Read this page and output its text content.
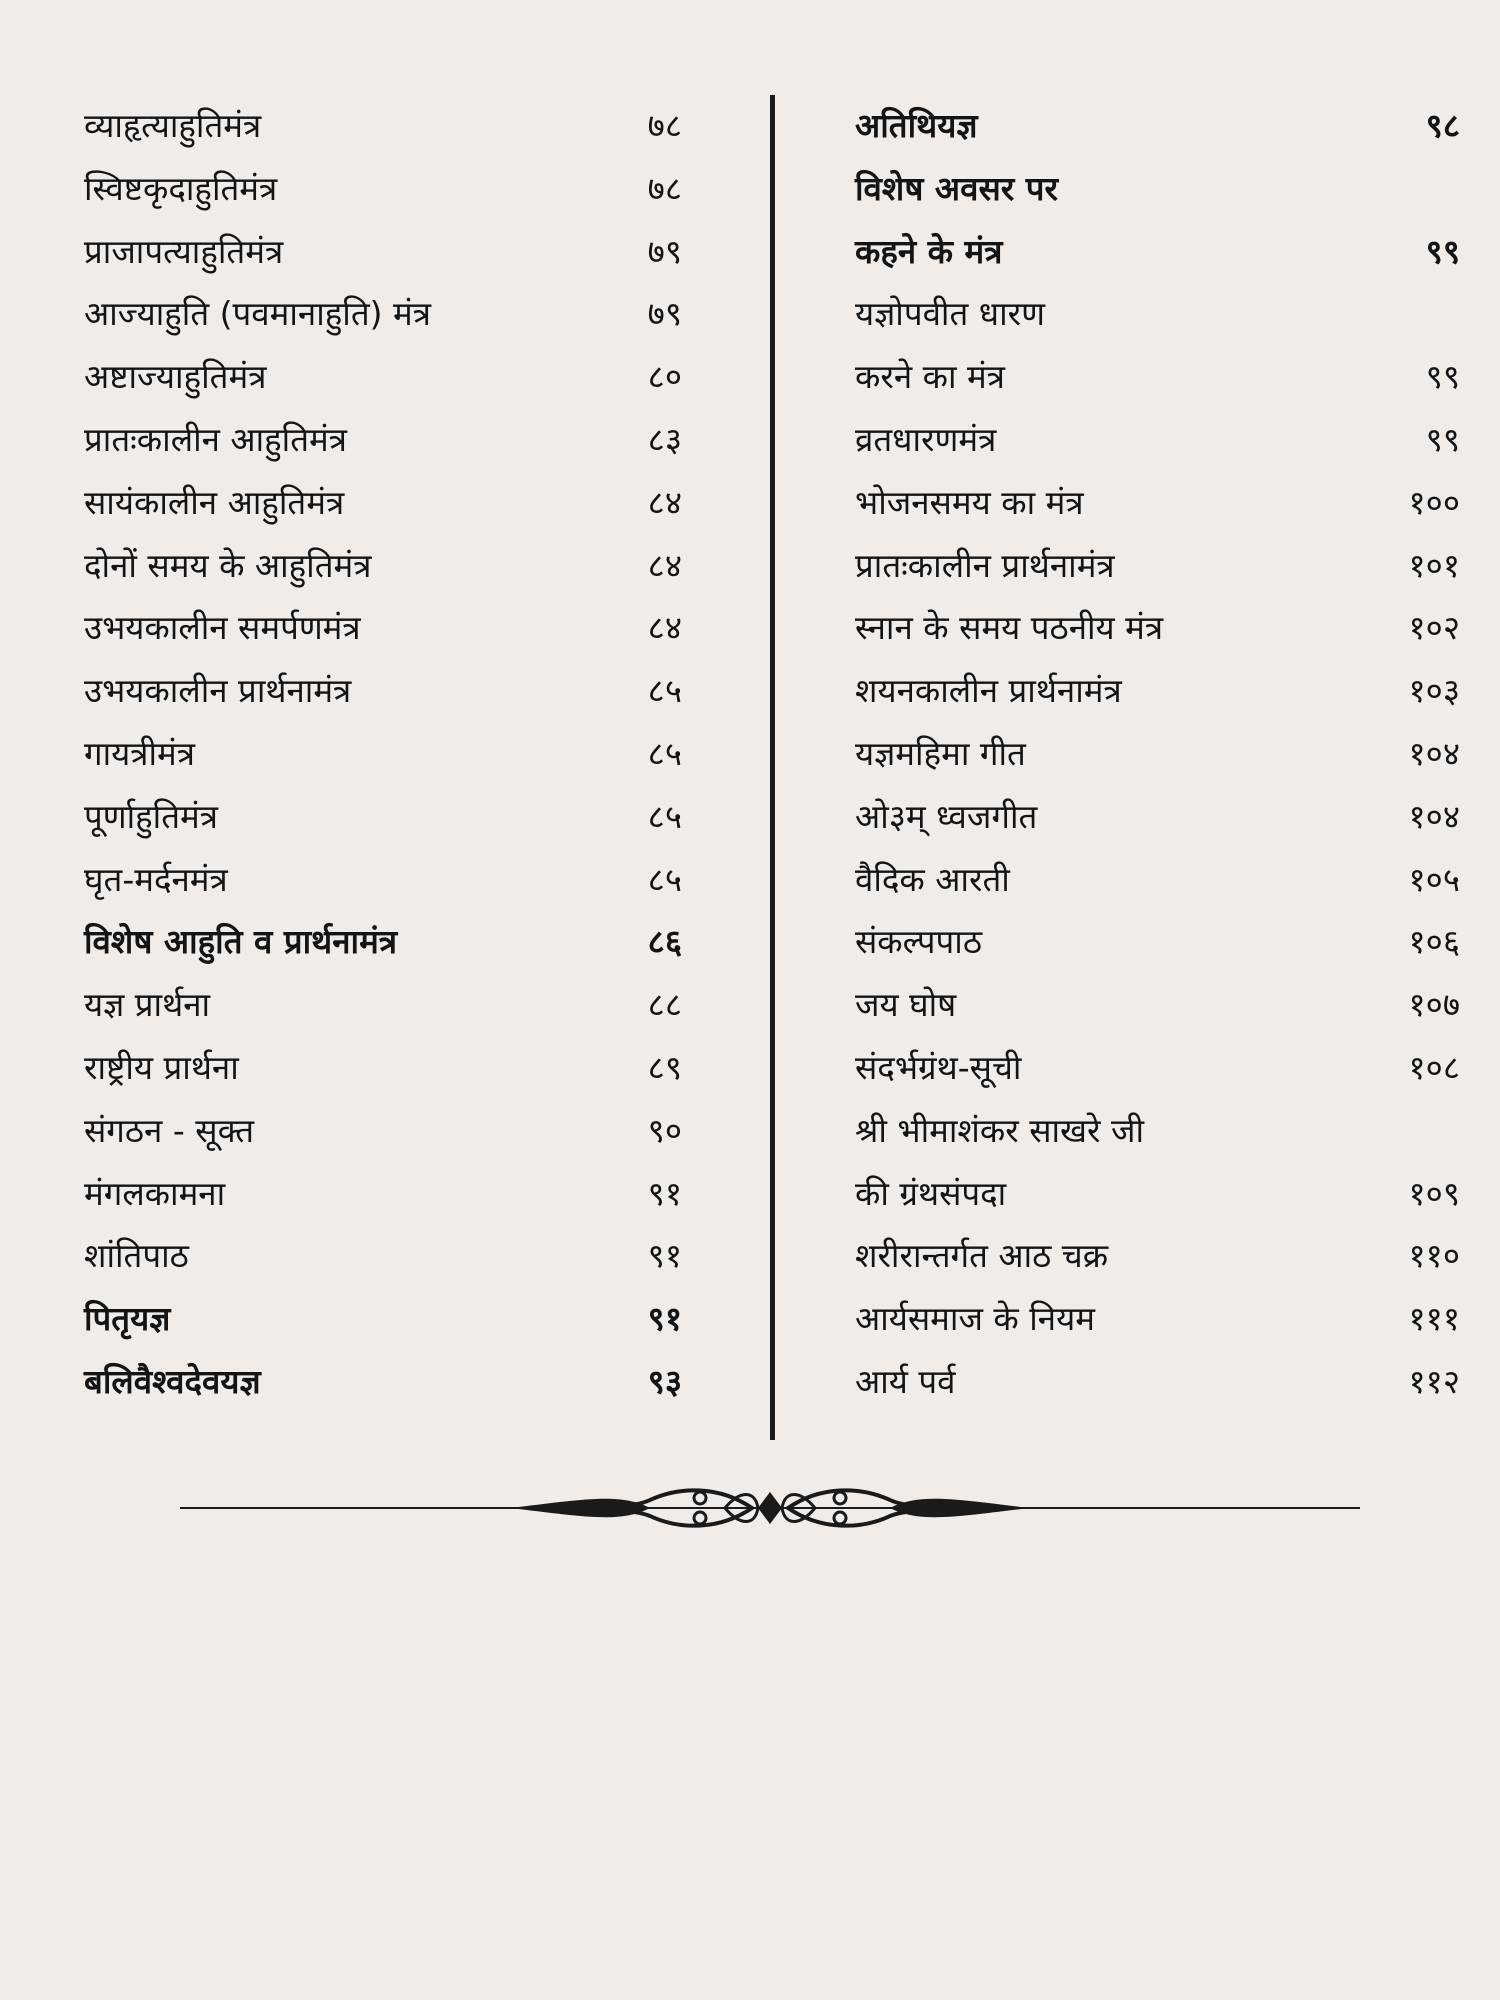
व्याहृत्याहुतिमंत्र	७८
स्विष्टकृदाहुतिमंत्र	७८
प्राजापत्याहुतिमंत्र	७९
आज्याहुति (पवमानाहुति) मंत्र	७९
अष्टाज्याहुतिमंत्र	८०
प्रातःकालीन आहुतिमंत्र	८३
सायंकालीन आहुतिमंत्र	८४
दोनों समय के आहुतिमंत्र	८४
उभयकालीन समर्पणमंत्र	८४
उभयकालीन प्रार्थनामंत्र	८५
गायत्रीमंत्र	८५
पूर्णाहुतिमंत्र	८५
घृत-मर्दनमंत्र	८५
विशेष आहुति व प्रार्थनामंत्र	८६
यज्ञ प्रार्थना	८८
राष्ट्रीय प्रार्थना	८९
संगठन - सूक्त	९०
मंगलकामना	९१
शांतिपाठ	९१
पितृयज्ञ	९१
बलिवैश्वदेवयज्ञ	९३
अतिथियज्ञ	९८
विशेष अवसर पर
कहने के मंत्र	९९
यज्ञोपवीत धारण
करने का मंत्र	९९
व्रतधारणमंत्र	९९
भोजनसमय का मंत्र	१००
प्रातःकालीन प्रार्थनामंत्र	१०१
स्नान के समय पठनीय मंत्र	१०२
शयनकालीन प्रार्थनामंत्र	१०३
यज्ञमहिमा गीत	१०४
ओ३म् ध्वजगीत	१०४
वैदिक आरती	१०५
संकल्पपाठ	१०६
जय घोष	१०७
संदर्भग्रंथ-सूची	१०८
श्री भीमाशंकर साखरे जी
की ग्रंथसंपदा	१०९
शरीरान्तर्गत आठ चक्र	११०
आर्यसमाज के नियम	१११
आर्य पर्व	११२
